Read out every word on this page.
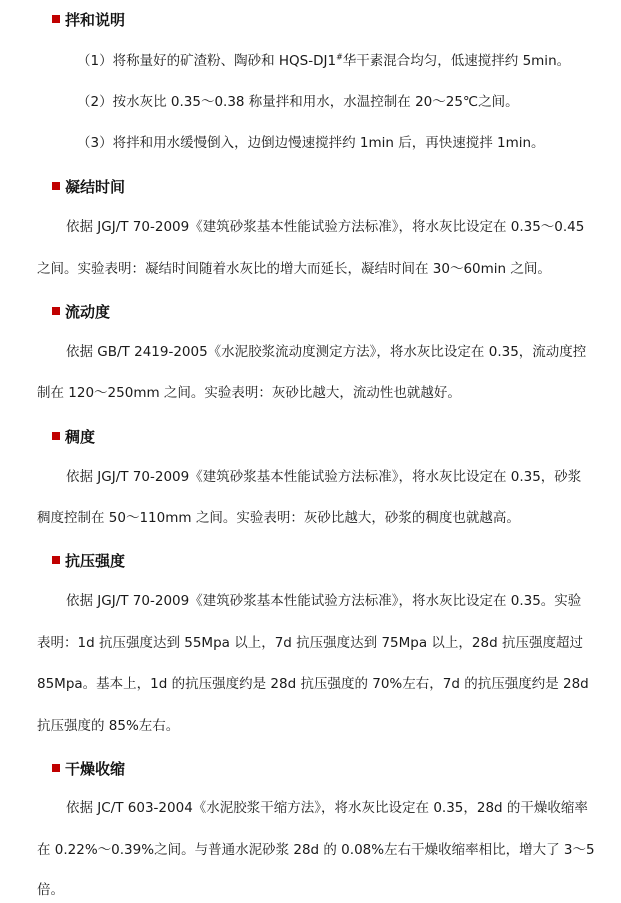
拌和说明
（1）将称量好的矿渣粉、陶砂和 HQS-DJ1#华干素混合均匀，低速搅拌约 5min。
（2）按水灰比 0.35～0.38 称量拌和用水，水温控制在 20～25℃之间。
（3）将拌和用水缓慢倒入，边倒边慢速搅拌约 1min 后，再快速搅拌 1min。
凝结时间
依据 JGJ/T 70-2009《建筑砂浆基本性能试验方法标准》，将水灰比设定在 0.35～0.45
之间。实验表明：凝结时间随着水灰比的增大而延长，凝结时间在 30～60min 之间。
流动度
依据 GB/T 2419-2005《水泥胶浆流动度测定方法》，将水灰比设定在 0.35，流动度控
制在 120～250mm 之间。实验表明：灰砂比越大，流动性也就越好。
稠度
依据 JGJ/T 70-2009《建筑砂浆基本性能试验方法标准》，将水灰比设定在 0.35，砂浆
稠度控制在 50～110mm 之间。实验表明：灰砂比越大，砂浆的稠度也就越高。
抗压强度
依据 JGJ/T 70-2009《建筑砂浆基本性能试验方法标准》，将水灰比设定在 0.35。实验
表明：1d 抗压强度达到 55Mpa 以上，7d 抗压强度达到 75Mpa 以上，28d 抗压强度超过
85Mpa。基本上，1d 的抗压强度约是 28d 抗压强度的 70%左右，7d 的抗压强度约是 28d
抗压强度的 85%左右。
干燥收缩
依据 JC/T 603-2004《水泥胶浆干缩方法》，将水灰比设定在 0.35，28d 的干燥收缩率
在 0.22%～0.39%之间。与普通水泥砂浆 28d 的 0.08%左右干燥收缩率相比，增大了 3～5
倍。
